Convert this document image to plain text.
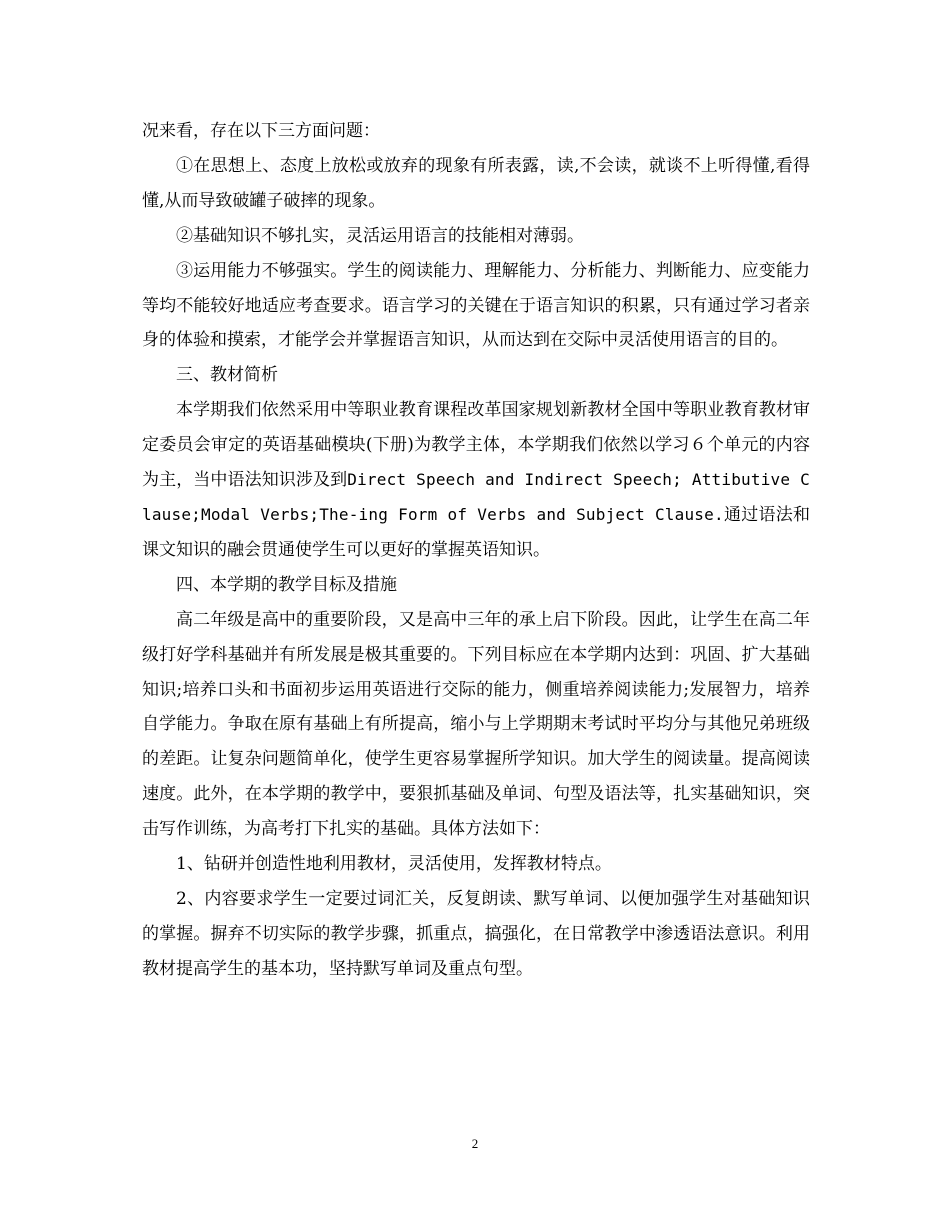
况来看，存在以下三方面问题：

①在思想上、态度上放松或放弃的现象有所表露，读,不会读，就谈不上听得懂,看得懂,从而导致破罐子破摔的现象。

②基础知识不够扎实，灵活运用语言的技能相对薄弱。

③运用能力不够强实。学生的阅读能力、理解能力、分析能力、判断能力、应变能力等均不能较好地适应考查要求。语言学习的关键在于语言知识的积累，只有通过学习者亲身的体验和摸索，才能学会并掌握语言知识，从而达到在交际中灵活使用语言的目的。

三、教材简析

本学期我们依然采用中等职业教育课程改革国家规划新教材全国中等职业教育教材审定委员会审定的英语基础模块(下册)为教学主体，本学期我们依然以学习６个单元的内容为主，当中语法知识涉及到Direct Speech and Indirect Speech; Attibutive Clause;Modal Verbs;The-ing Form of Verbs and Subject Clause.通过语法和课文知识的融会贯通使学生可以更好的掌握英语知识。

四、本学期的教学目标及措施

高二年级是高中的重要阶段，又是高中三年的承上启下阶段。因此，让学生在高二年级打好学科基础并有所发展是极其重要的。下列目标应在本学期内达到：巩固、扩大基础知识;培养口头和书面初步运用英语进行交际的能力，侧重培养阅读能力;发展智力，培养自学能力。争取在原有基础上有所提高，缩小与上学期期末考试时平均分与其他兄弟班级的差距。让复杂问题简单化，使学生更容易掌握所学知识。加大学生的阅读量。提高阅读速度。此外，在本学期的教学中，要狠抓基础及单词、句型及语法等，扎实基础知识，突击写作训练，为高考打下扎实的基础。具体方法如下：

1、钻研并创造性地利用教材，灵活使用，发挥教材特点。

2、内容要求学生一定要过词汇关，反复朗读、默写单词、以便加强学生对基础知识的掌握。摒弃不切实际的教学步骤，抓重点，搞强化，在日常教学中渗透语法意识。利用教材提高学生的基本功，坚持默写单词及重点句型。

2
